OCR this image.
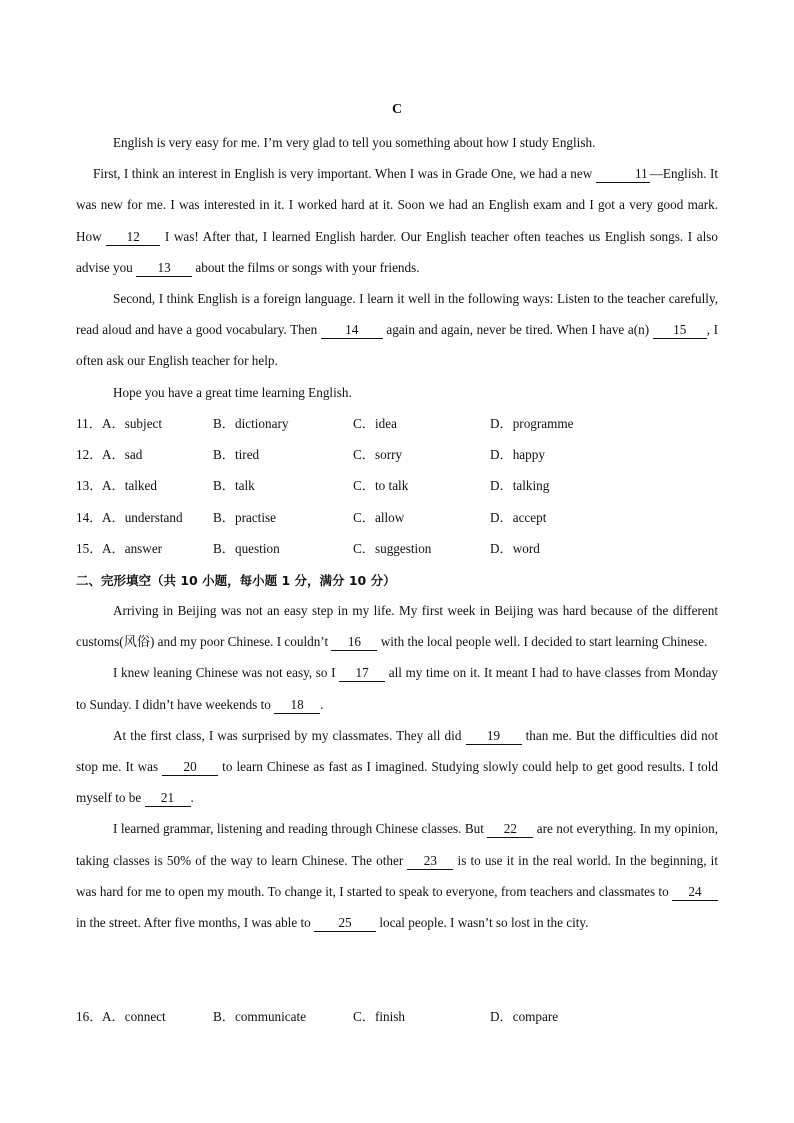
C

English is very easy for me. I’m very glad to tell you something about how I study English.

First, I think an interest in English is very important. When I was in Grade One, we had a new	11 —English. It was new for me. I was interested in it. I worked hard at it. Soon we had an English exam and I got a very good mark. How 12 I was! After that, I learned English harder. Our English teacher often teaches us English songs. I also advise you 13 about the films or songs with your friends.

Second, I think English is a foreign language. I learn it well in the following ways: Listen to the teacher carefully, read aloud and have a good vocabulary. Then 14 again and again, never be tired. When I have a(n) 15 , I often ask our English teacher for help.

Hope you have a great time learning English.

11． A．subject	B．dictionary	C．idea	D．programme
12． A．sad	B．tired	C．sorry	D．happy
13． A．talked	B．talk	C．to talk	D．talking
14． A．understand B．practise	C．allow	D．accept
15． A．answer	B．question	C．suggestion	D．word
二、完形填空（共 10 小题，每小题 1 分，满分 10 分）

Arriving in Beijing was not an easy step in my life. My first week in Beijing was hard because of the different customs(风俗) and my poor Chinese. I couldn’t 16 with the local people well. I decided to start learning Chinese.

I knew leaning Chinese was not easy, so I 17 all my time on it. It meant I had to have classes from Monday to Sunday. I didn’t have weekends to 18 .

At the first class, I was surprised by my classmates. They all did 19 than me. But the difficulties did not stop me. It was 20 to learn Chinese as fast as I imagined. Studying slowly could help to get good results. I told myself to be 21 .

I learned grammar, listening and reading through Chinese classes. But 22 are not everything. In my opinion, taking classes is 50% of the way to learn Chinese. The other 23 is to use it in the real world. In the beginning, it was hard for me to open my mouth. To change it, I started to speak to everyone, from teachers and classmates to 24 in the street. After five months, I was able to 25 local people. I wasn’t so lost in the city.

16． A．connect	B．communicate	C．finish	D．compare
